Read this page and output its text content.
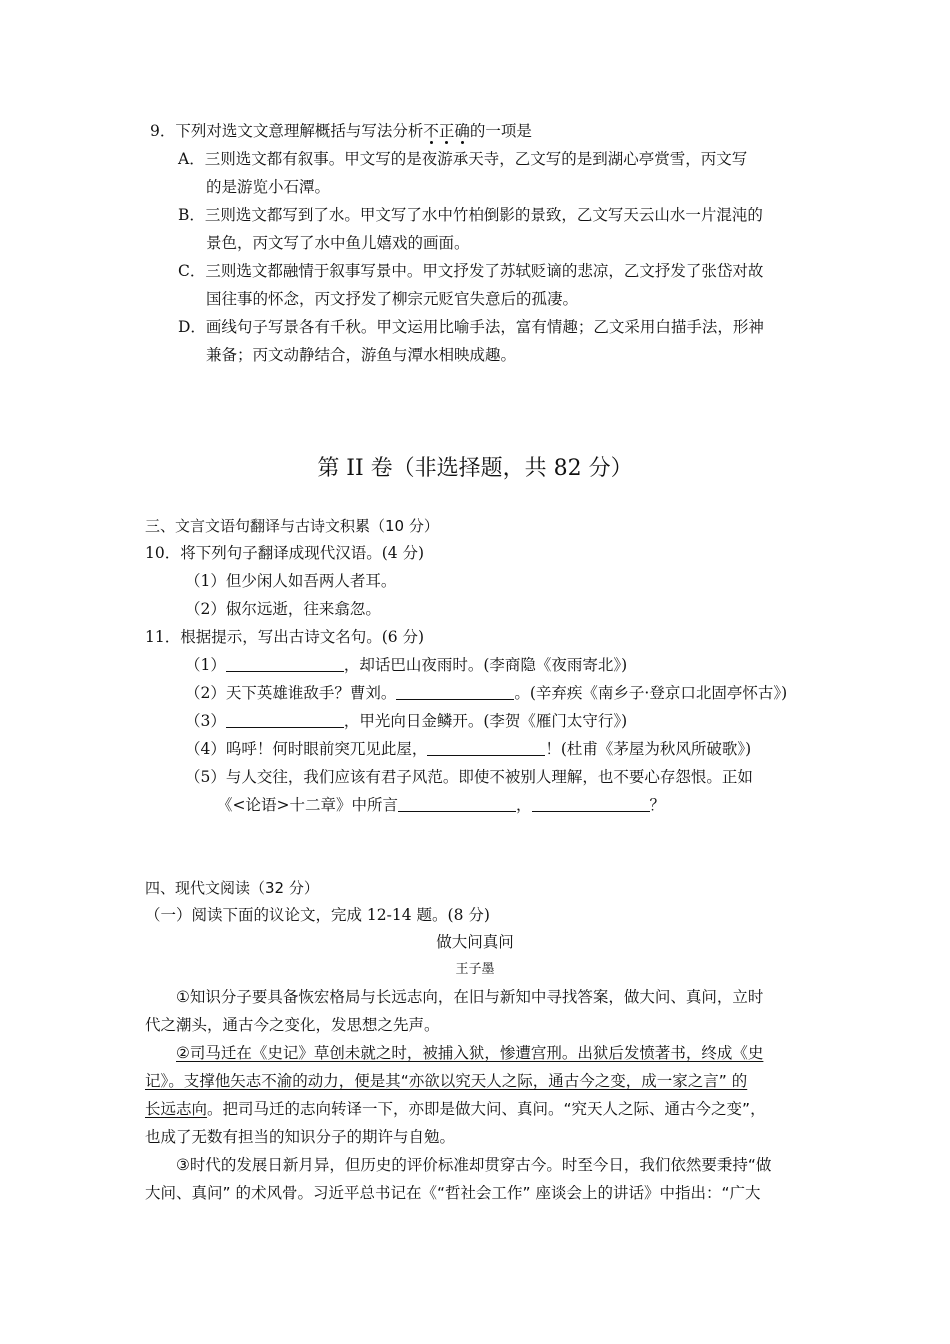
9．下列对选文文意理解概括与写法分析不正确的一项是
A．三则选文都有叙事。甲文写的是夜游承天寺，乙文写的是到湖心亭赏雪，丙文写
的是游览小石潭。
B．三则选文都写到了水。甲文写了水中竹柏倒影的景致，乙文写天云山水一片混沌的
景色，丙文写了水中鱼儿嬉戏的画面。
C．三则选文都融情于叙事写景中。甲文抒发了苏轼贬谪的悲凉，乙文抒发了张岱对故
国往事的怀念，丙文抒发了柳宗元贬官失意后的孤凄。
D．画线句子写景各有千秋。甲文运用比喻手法，富有情趣；乙文采用白描手法，形神
兼备；丙文动静结合，游鱼与潭水相映成趣。
第 II 卷（非选择题，共 82 分）
三、文言文语句翻译与古诗文积累（10 分）
10．将下列句子翻译成现代汉语。(4 分)
（1）但少闲人如吾两人者耳。
（2）俶尔远逝，往来翕忽。
11．根据提示，写出古诗文名句。(6 分)
（1）	，却话巴山夜雨时。(李商隐《夜雨寄北》)
（2）天下英雄谁敌手？曹刘。	。(辛弃疾《南乡子·登京口北固亭怀古》)
（3）	，甲光向日金鳞开。(李贺《雁门太守行》)
（4）呜呼！何时眼前突兀见此屋，	！(杜甫《茅屋为秋风所破歌》)
（5）与人交往，我们应该有君子风范。即使不被别人理解，也不要心存怨恨。正如
《<论语>十二章》中所言	，	？
四、现代文阅读（32 分）
（一）阅读下面的议论文，完成 12-14 题。(8 分)
做大问真问
王子墨
①知识分子要具备恢宏格局与长远志向，在旧与新知中寻找答案，做大问、真问，立时
代之潮头，通古今之变化，发思想之先声。
②司马迁在《史记》草创未就之时，被捕入狱，惨遭宫刑。出狱后发愤著书，终成《史
记》。支撑他矢志不渝的动力，便是其“亦欲以究天人之际，通古今之变，成一家之言” 的
长远志向。把司马迁的志向转译一下，亦即是做大问、真问。“究天人之际、通古今之变”，
也成了无数有担当的知识分子的期许与自勉。
③时代的发展日新月异，但历史的评价标准却贯穿古今。时至今日，我们依然要秉持“做
大问、真问” 的术风骨。习近平总书记在《“哲社会工作” 座谈会上的讲话》中指出：“广大
